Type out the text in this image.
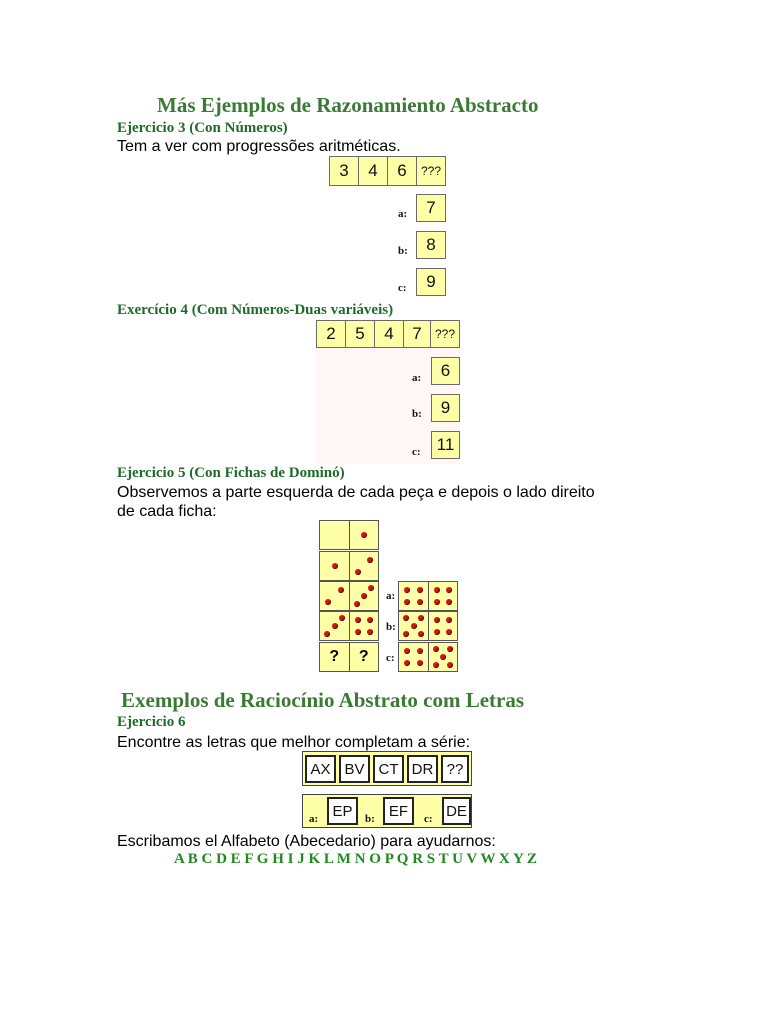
Más Ejemplos de Razonamiento Abstracto
Ejercicio 3 (Con Números)
Tem a ver com progressões aritméticas.
3	4	6	???
a:	7
b:	8
c:	9
Exercício 4 (Com Números-Duas variáveis)
2	5	4	7	???
a:	6
b:	9
c: 11
Ejercicio 5 (Con Fichas de Dominó)
Observemos a parte esquerda de cada peça e depois o lado direito
de cada ficha:
?	?
a:
b:
c:
Exemplos de Raciocínio Abstrato com Letras
Ejercicio 6
Encontre as letras que melhor completam a série:
AX BV CT DR ??
a: EP	b: EF	c: DE
Escribamos el Alfabeto (Abecedario) para ayudarnos:
A B C D E F G H I J K L M N O P Q R S T U V W X Y Z
